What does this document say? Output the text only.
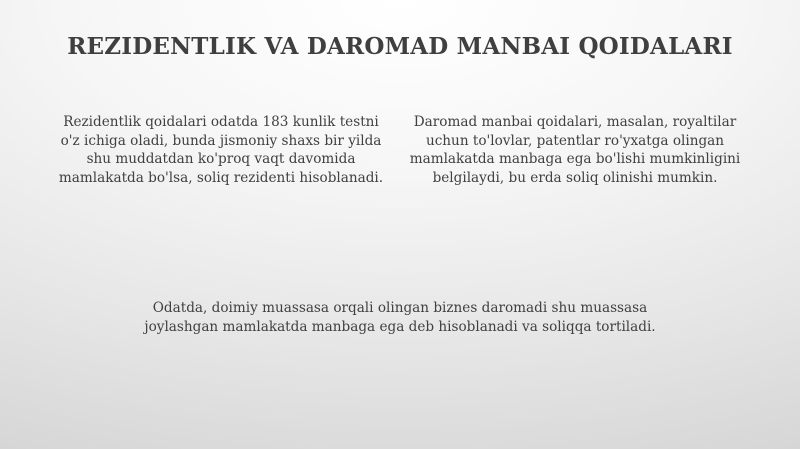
REZIDENTLIK VA DAROMAD MANBAI QOIDALARI

Rezidentlik qoidalari odatda 183 kunlik testni o'z ichiga oladi, bunda jismoniy shaxs bir yilda shu muddatdan ko'proq vaqt davomida mamlakatda bo'lsa, soliq rezidenti hisoblanadi.

Daromad manbai qoidalari, masalan, royaltilar uchun to'lovlar, patentlar ro'yxatga olingan mamlakatda manbaga ega bo'lishi mumkinligini belgilaydi, bu erda soliq olinishi mumkin.

Odatda, doimiy muassasa orqali olingan biznes daromadi shu muassasa joylashgan mamlakatda manbaga ega deb hisoblanadi va soliqqa tortiladi.
